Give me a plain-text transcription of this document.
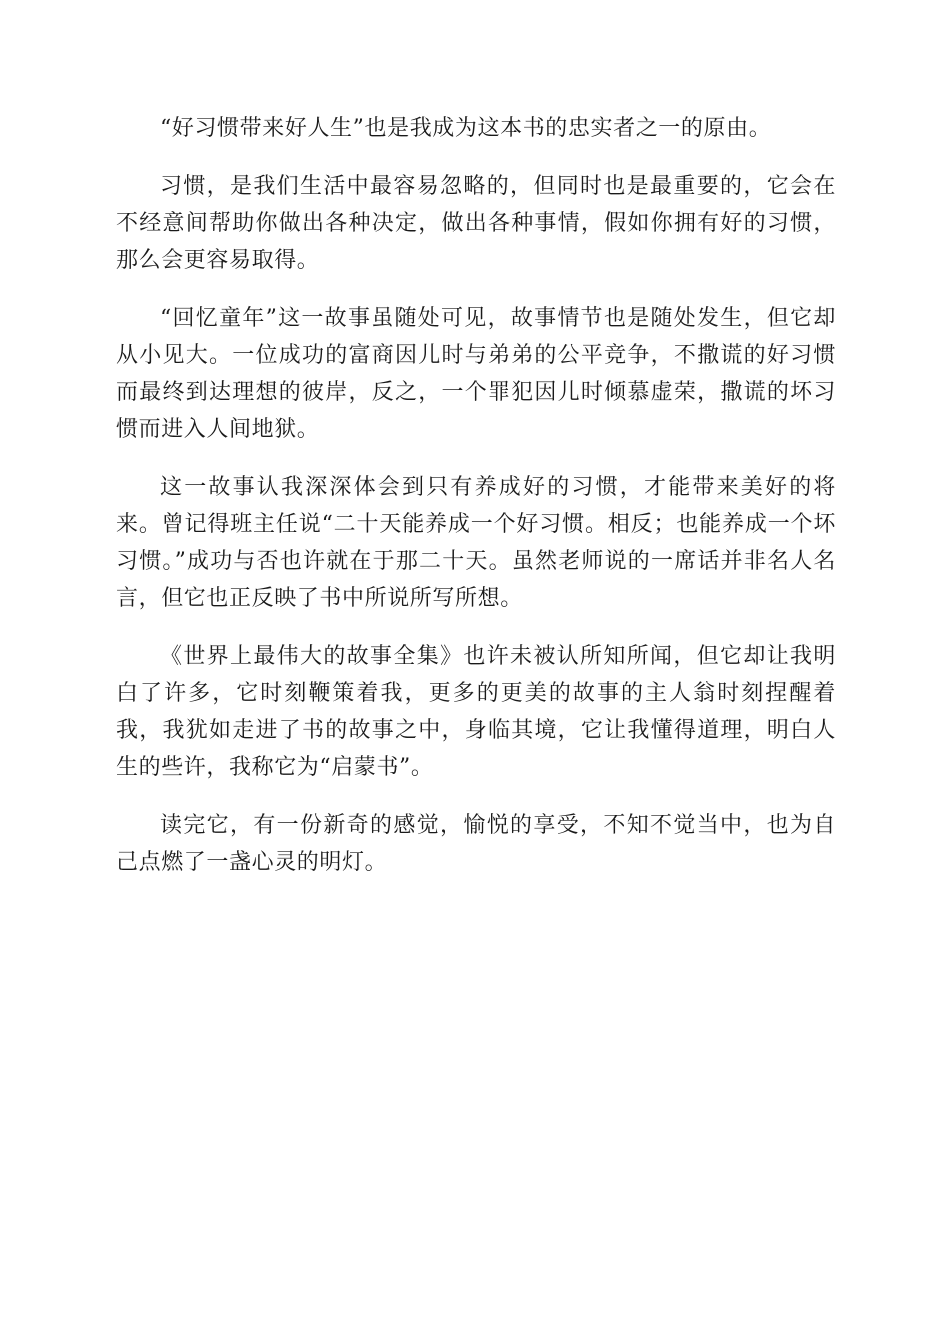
“好习惯带来好人生”也是我成为这本书的忠实者之一的原由。

习惯，是我们生活中最容易忽略的，但同时也是最重要的，它会在不经意间帮助你做出各种决定，做出各种事情，假如你拥有好的习惯，那么会更容易取得。

“回忆童年”这一故事虽随处可见，故事情节也是随处发生，但它却从小见大。一位成功的富商因儿时与弟弟的公平竞争，不撒谎的好习惯而最终到达理想的彼岸，反之，一个罪犯因儿时倾慕虚荣，撒谎的坏习惯而进入人间地狱。

这一故事认我深深体会到只有养成好的习惯，才能带来美好的将来。曾记得班主任说“二十天能养成一个好习惯。相反；也能养成一个坏习惯。”成功与否也许就在于那二十天。虽然老师说的一席话并非名人名言，但它也正反映了书中所说所写所想。

《世界上最伟大的故事全集》也许未被认所知所闻，但它却让我明白了许多，它时刻鞭策着我，更多的更美的故事的主人翁时刻捏醒着我，我犹如走进了书的故事之中，身临其境，它让我懂得道理，明白人生的些许，我称它为“启蒙书”。

读完它，有一份新奇的感觉，愉悦的享受，不知不觉当中，也为自己点燃了一盏心灵的明灯。
